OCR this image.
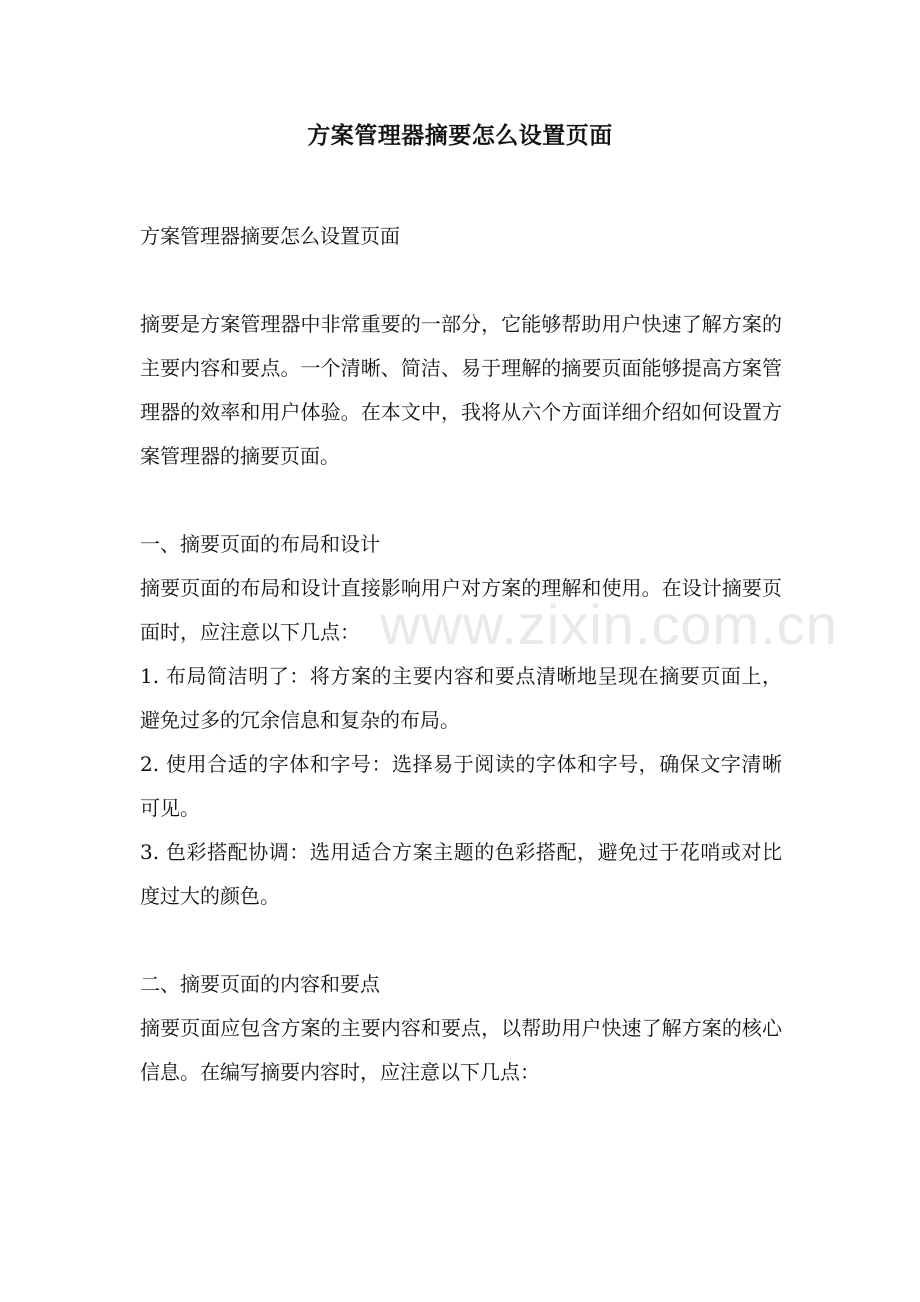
方案管理器摘要怎么设置页面

方案管理器摘要怎么设置页面

摘要是方案管理器中非常重要的一部分，它能够帮助用户快速了解方案的主要内容和要点。一个清晰、简洁、易于理解的摘要页面能够提高方案管理器的效率和用户体验。在本文中，我将从六个方面详细介绍如何设置方案管理器的摘要页面。

一、摘要页面的布局和设计

摘要页面的布局和设计直接影响用户对方案的理解和使用。在设计摘要页面时，应注意以下几点：

1. 布局简洁明了：将方案的主要内容和要点清晰地呈现在摘要页面上，避免过多的冗余信息和复杂的布局。

2. 使用合适的字体和字号：选择易于阅读的字体和字号，确保文字清晰可见。

3. 色彩搭配协调：选用适合方案主题的色彩搭配，避免过于花哨或对比度过大的颜色。

二、摘要页面的内容和要点

摘要页面应包含方案的主要内容和要点，以帮助用户快速了解方案的核心信息。在编写摘要内容时，应注意以下几点：

www.zixin.com.cn
